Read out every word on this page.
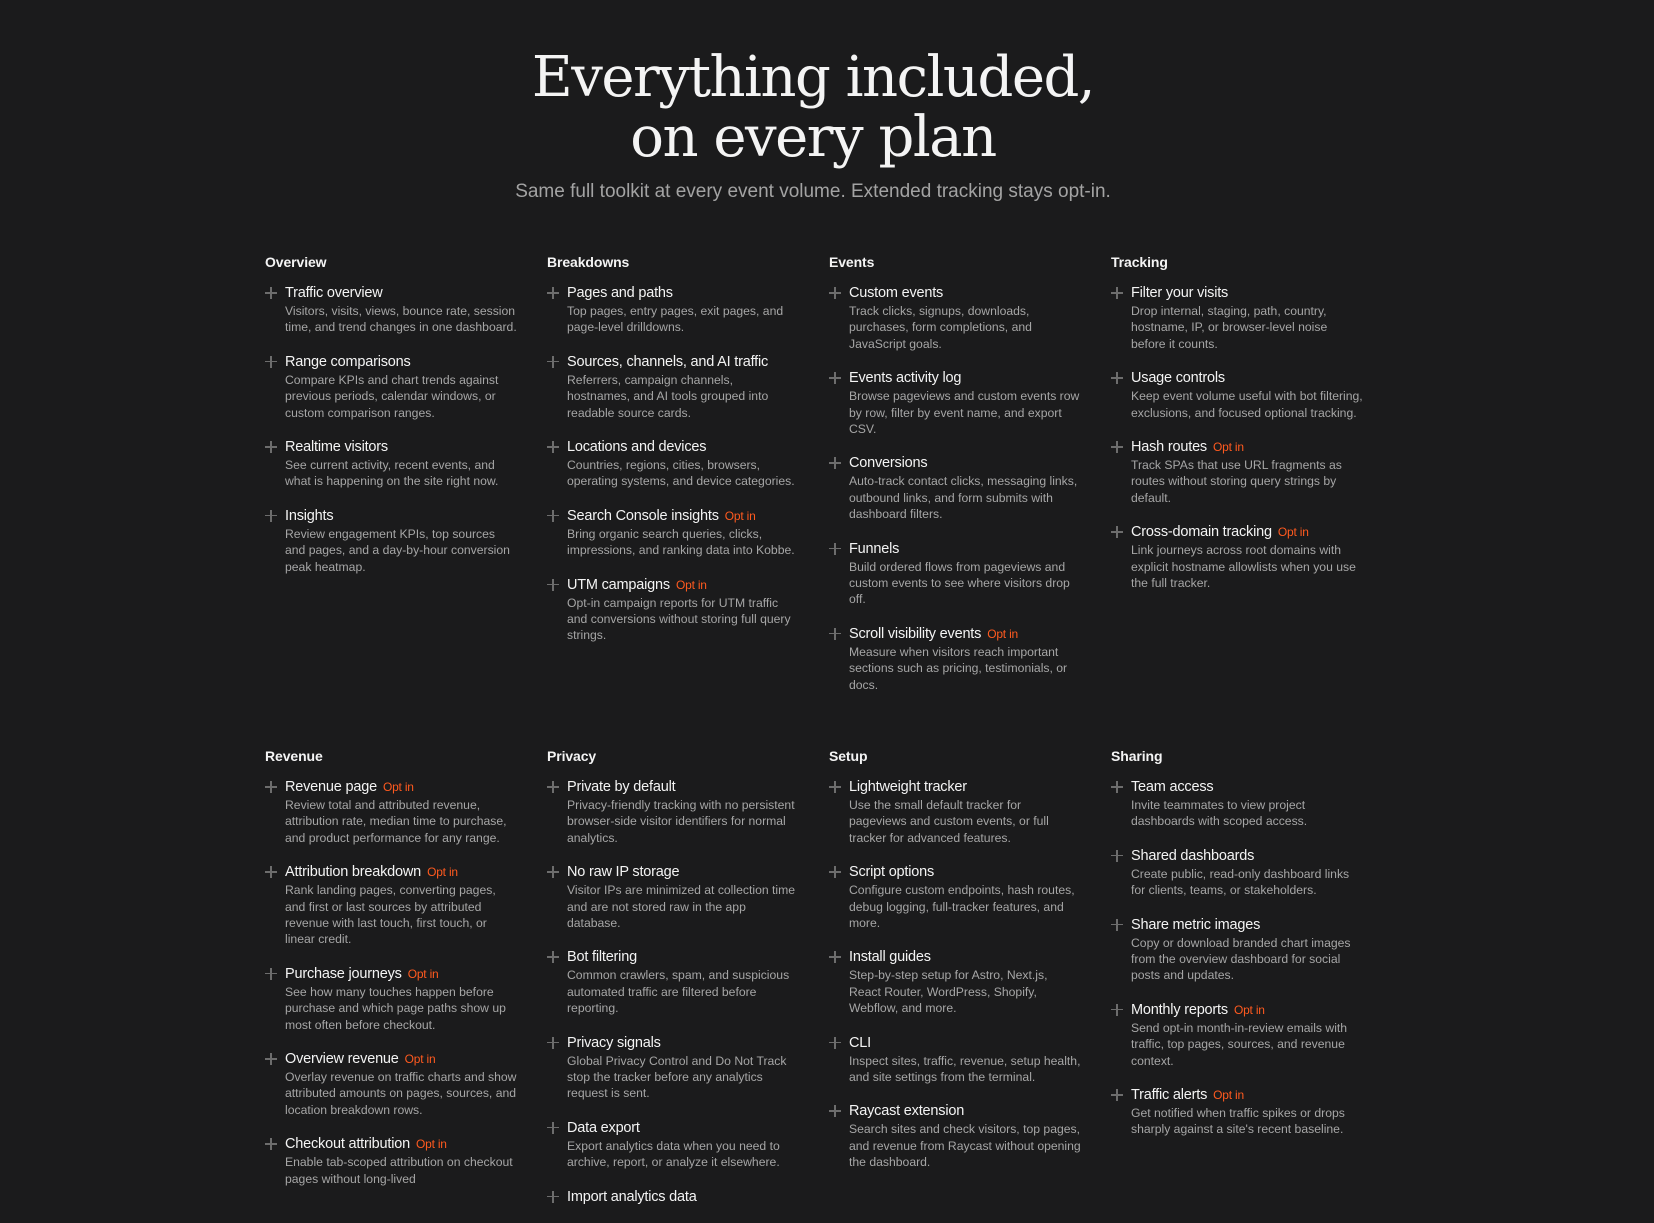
Everything included,
on every plan
Same full toolkit at every event volume. Extended tracking stays opt-in.
Overview
Traffic overview
Visitors, visits, views, bounce rate, session time, and trend changes in one dashboard.
Range comparisons
Compare KPIs and chart trends against previous periods, calendar windows, or custom comparison ranges.
Realtime visitors
See current activity, recent events, and what is happening on the site right now.
Insights
Review engagement KPIs, top sources and pages, and a day-by-hour conversion peak heatmap.
Breakdowns
Pages and paths
Top pages, entry pages, exit pages, and page-level drilldowns.
Sources, channels, and AI traffic
Referrers, campaign channels, hostnames, and AI tools grouped into readable source cards.
Locations and devices
Countries, regions, cities, browsers, operating systems, and device categories.
Search Console insights Opt in
Bring organic search queries, clicks, impressions, and ranking data into Kobbe.
UTM campaigns Opt in
Opt-in campaign reports for UTM traffic and conversions without storing full query strings.
Events
Custom events
Track clicks, signups, downloads, purchases, form completions, and JavaScript goals.
Events activity log
Browse pageviews and custom events row by row, filter by event name, and export CSV.
Conversions
Auto-track contact clicks, messaging links, outbound links, and form submits with dashboard filters.
Funnels
Build ordered flows from pageviews and custom events to see where visitors drop off.
Scroll visibility events Opt in
Measure when visitors reach important sections such as pricing, testimonials, or docs.
Tracking
Filter your visits
Drop internal, staging, path, country, hostname, IP, or browser-level noise before it counts.
Usage controls
Keep event volume useful with bot filtering, exclusions, and focused optional tracking.
Hash routes Opt in
Track SPAs that use URL fragments as routes without storing query strings by default.
Cross-domain tracking Opt in
Link journeys across root domains with explicit hostname allowlists when you use the full tracker.
Revenue
Revenue page Opt in
Review total and attributed revenue, attribution rate, median time to purchase, and product performance for any range.
Attribution breakdown Opt in
Rank landing pages, converting pages, and first or last sources by attributed revenue with last touch, first touch, or linear credit.
Purchase journeys Opt in
See how many touches happen before purchase and which page paths show up most often before checkout.
Overview revenue Opt in
Overlay revenue on traffic charts and show attributed amounts on pages, sources, and location breakdown rows.
Checkout attribution Opt in
Enable tab-scoped attribution on checkout pages without long-lived
Privacy
Private by default
Privacy-friendly tracking with no persistent browser-side visitor identifiers for normal analytics.
No raw IP storage
Visitor IPs are minimized at collection time and are not stored raw in the app database.
Bot filtering
Common crawlers, spam, and suspicious automated traffic are filtered before reporting.
Privacy signals
Global Privacy Control and Do Not Track stop the tracker before any analytics request is sent.
Data export
Export analytics data when you need to archive, report, or analyze it elsewhere.
Import analytics data
Setup
Lightweight tracker
Use the small default tracker for pageviews and custom events, or full tracker for advanced features.
Script options
Configure custom endpoints, hash routes, debug logging, full-tracker features, and more.
Install guides
Step-by-step setup for Astro, Next.js, React Router, WordPress, Shopify, Webflow, and more.
CLI
Inspect sites, traffic, revenue, setup health, and site settings from the terminal.
Raycast extension
Search sites and check visitors, top pages, and revenue from Raycast without opening the dashboard.
Sharing
Team access
Invite teammates to view project dashboards with scoped access.
Shared dashboards
Create public, read-only dashboard links for clients, teams, or stakeholders.
Share metric images
Copy or download branded chart images from the overview dashboard for social posts and updates.
Monthly reports Opt in
Send opt-in month-in-review emails with traffic, top pages, sources, and revenue context.
Traffic alerts Opt in
Get notified when traffic spikes or drops sharply against a site's recent baseline.
